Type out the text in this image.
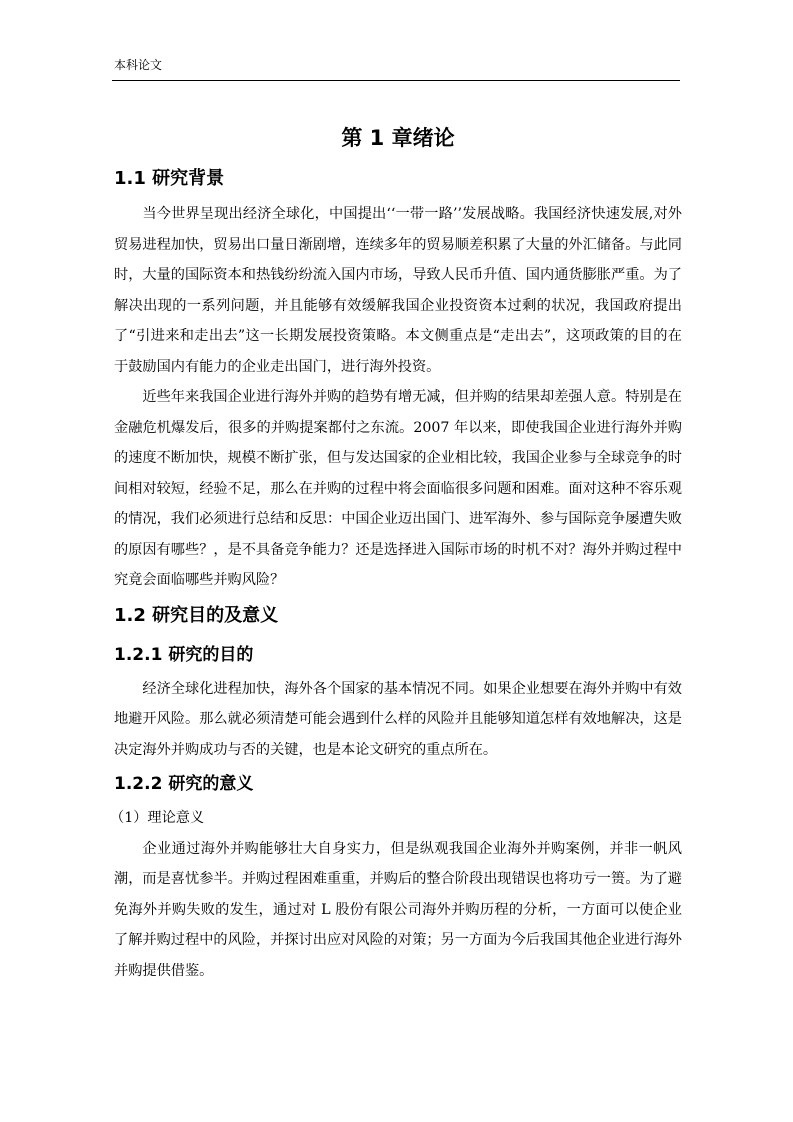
本科论文
第 1 章绪论
1.1 研究背景

当今世界呈现出经济全球化，中国提出‘‘一带一路’’发展战略。我国经济快速发展,对外贸易进程加快，贸易出口量日渐剧增，连续多年的贸易顺差积累了大量的外汇储备。与此同时，大量的国际资本和热钱纷纷流入国内市场，导致人民币升值、国内通货膨胀严重。为了解决出现的一系列问题，并且能够有效缓解我国企业投资资本过剩的状况，我国政府提出了“引进来和走出去”这一长期发展投资策略。本文侧重点是“走出去”，这项政策的目的在于鼓励国内有能力的企业走出国门，进行海外投资。

近些年来我国企业进行海外并购的趋势有增无减，但并购的结果却差强人意。特别是在金融危机爆发后，很多的并购提案都付之东流。2007 年以来，即使我国企业进行海外并购的速度不断加快，规模不断扩张，但与发达国家的企业相比较，我国企业参与全球竞争的时间相对较短，经验不足，那么在并购的过程中将会面临很多问题和困难。面对这种不容乐观的情况，我们必须进行总结和反思：中国企业迈出国门、进军海外、参与国际竞争屡遭失败的原因有哪些？，是不具备竞争能力？还是选择进入国际市场的时机不对？海外并购过程中究竟会面临哪些并购风险？

1.2 研究目的及意义
1.2.1 研究的目的

经济全球化进程加快，海外各个国家的基本情况不同。如果企业想要在海外并购中有效地避开风险。那么就必须清楚可能会遇到什么样的风险并且能够知道怎样有效地解决，这是决定海外并购成功与否的关键，也是本论文研究的重点所在。

1.2.2 研究的意义

（1）理论意义

企业通过海外并购能够壮大自身实力，但是纵观我国企业海外并购案例，并非一帆风潮，而是喜忧参半。并购过程困难重重，并购后的整合阶段出现错误也将功亏一篑。为了避免海外并购失败的发生，通过对 L 股份有限公司海外并购历程的分析，一方面可以使企业了解并购过程中的风险，并探讨出应对风险的对策；另一方面为今后我国其他企业进行海外并购提供借鉴。
